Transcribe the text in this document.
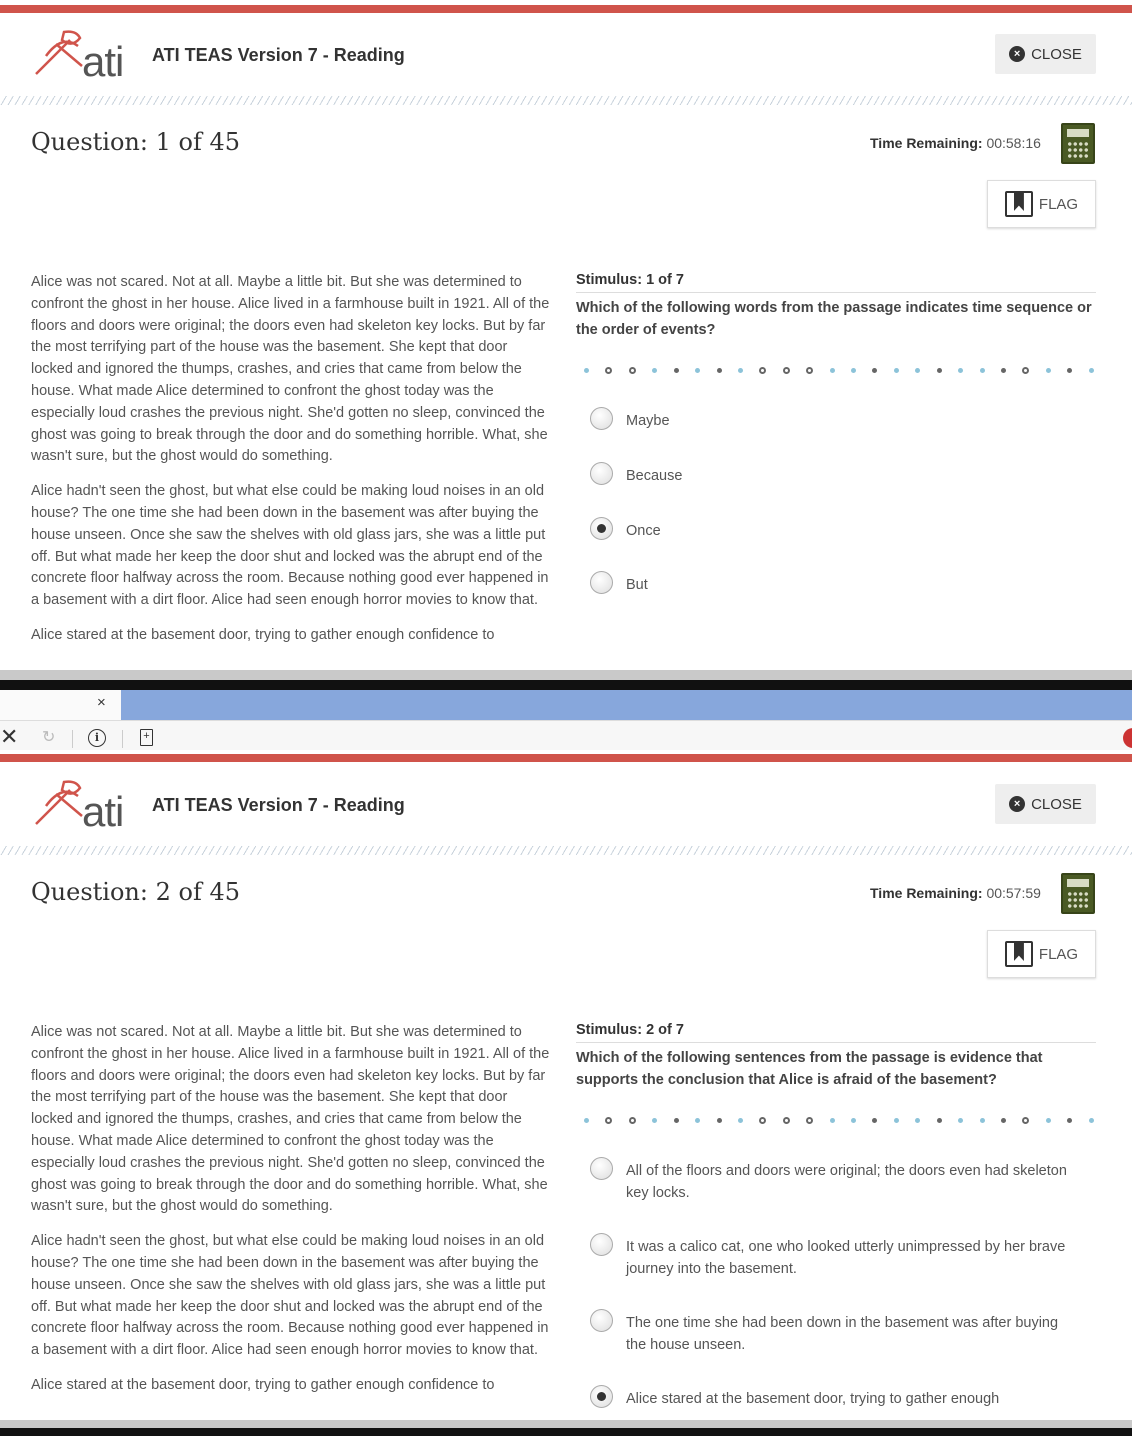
ati ATI TEAS Version 7 - Reading	× CLOSE
Question: 1 of 45	Time Remaining: 00:58:16
FLAG

Alice was not scared. Not at all. Maybe a little bit. But she was determined to confront the ghost in her house. Alice lived in a farmhouse built in 1921. All of the floors and doors were original; the doors even had skeleton key locks. But by far the most terrifying part of the house was the basement. She kept that door locked and ignored the thumps, crashes, and cries that came from below the house. What made Alice determined to confront the ghost today was the especially loud crashes the previous night. She'd gotten no sleep, convinced the ghost was going to break through the door and do something horrible. What, she wasn't sure, but the ghost would do something.

Alice hadn't seen the ghost, but what else could be making loud noises in an old house? The one time she had been down in the basement was after buying the house unseen. Once she saw the shelves with old glass jars, she was a little put off. But what made her keep the door shut and locked was the abrupt end of the concrete floor halfway across the room. Because nothing good ever happened in a basement with a dirt floor. Alice had seen enough horror movies to know that.

Alice stared at the basement door, trying to gather enough confidence to

Stimulus: 1 of 7
Which of the following words from the passage indicates time sequence or the order of events?
Maybe
Because
Once
But
×
✕ ↻	i	+
ati ATI TEAS Version 7 - Reading	× CLOSE
Question: 2 of 45	Time Remaining: 00:57:59
FLAG

Alice was not scared. Not at all. Maybe a little bit. But she was determined to confront the ghost in her house. Alice lived in a farmhouse built in 1921. All of the floors and doors were original; the doors even had skeleton key locks. But by far the most terrifying part of the house was the basement. She kept that door locked and ignored the thumps, crashes, and cries that came from below the house. What made Alice determined to confront the ghost today was the especially loud crashes the previous night. She'd gotten no sleep, convinced the ghost was going to break through the door and do something horrible. What, she wasn't sure, but the ghost would do something.

Alice hadn't seen the ghost, but what else could be making loud noises in an old house? The one time she had been down in the basement was after buying the house unseen. Once she saw the shelves with old glass jars, she was a little put off. But what made her keep the door shut and locked was the abrupt end of the concrete floor halfway across the room. Because nothing good ever happened in a basement with a dirt floor. Alice had seen enough horror movies to know that.

Alice stared at the basement door, trying to gather enough confidence to

Stimulus: 2 of 7
Which of the following sentences from the passage is evidence that supports the conclusion that Alice is afraid of the basement?
All of the floors and doors were original; the doors even had skeleton key locks.
It was a calico cat, one who looked utterly unimpressed by her brave journey into the basement.
The one time she had been down in the basement was after buying the house unseen.
Alice stared at the basement door, trying to gather enough
